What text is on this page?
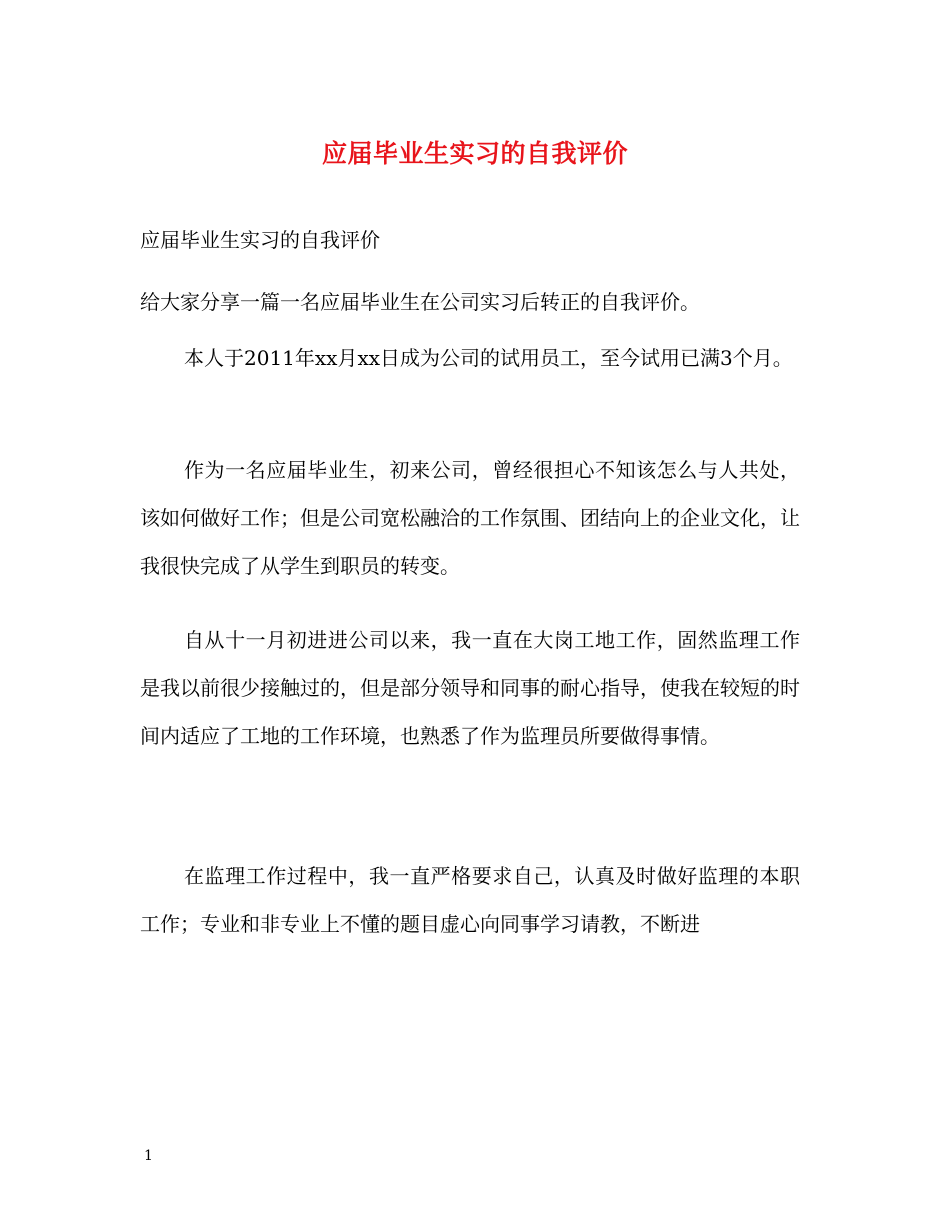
应届毕业生实习的自我评价
应届毕业生实习的自我评价
给大家分享一篇一名应届毕业生在公司实习后转正的自我评价。

本人于2011年xx月xx日成为公司的试用员工，至今试用已满3个月。

作为一名应届毕业生，初来公司，曾经很担心不知该怎么与人共处，该如何做好工作；但是公司宽松融洽的工作氛围、团结向上的企业文化，让我很快完成了从学生到职员的转变。

自从十一月初进进公司以来，我一直在大岗工地工作，固然监理工作是我以前很少接触过的，但是部分领导和同事的耐心指导，使我在较短的时间内适应了工地的工作环境，也熟悉了作为监理员所要做得事情。

在监理工作过程中，我一直严格要求自己，认真及时做好监理的本职工作；专业和非专业上不懂的题目虚心向同事学习请教，不断进

1
